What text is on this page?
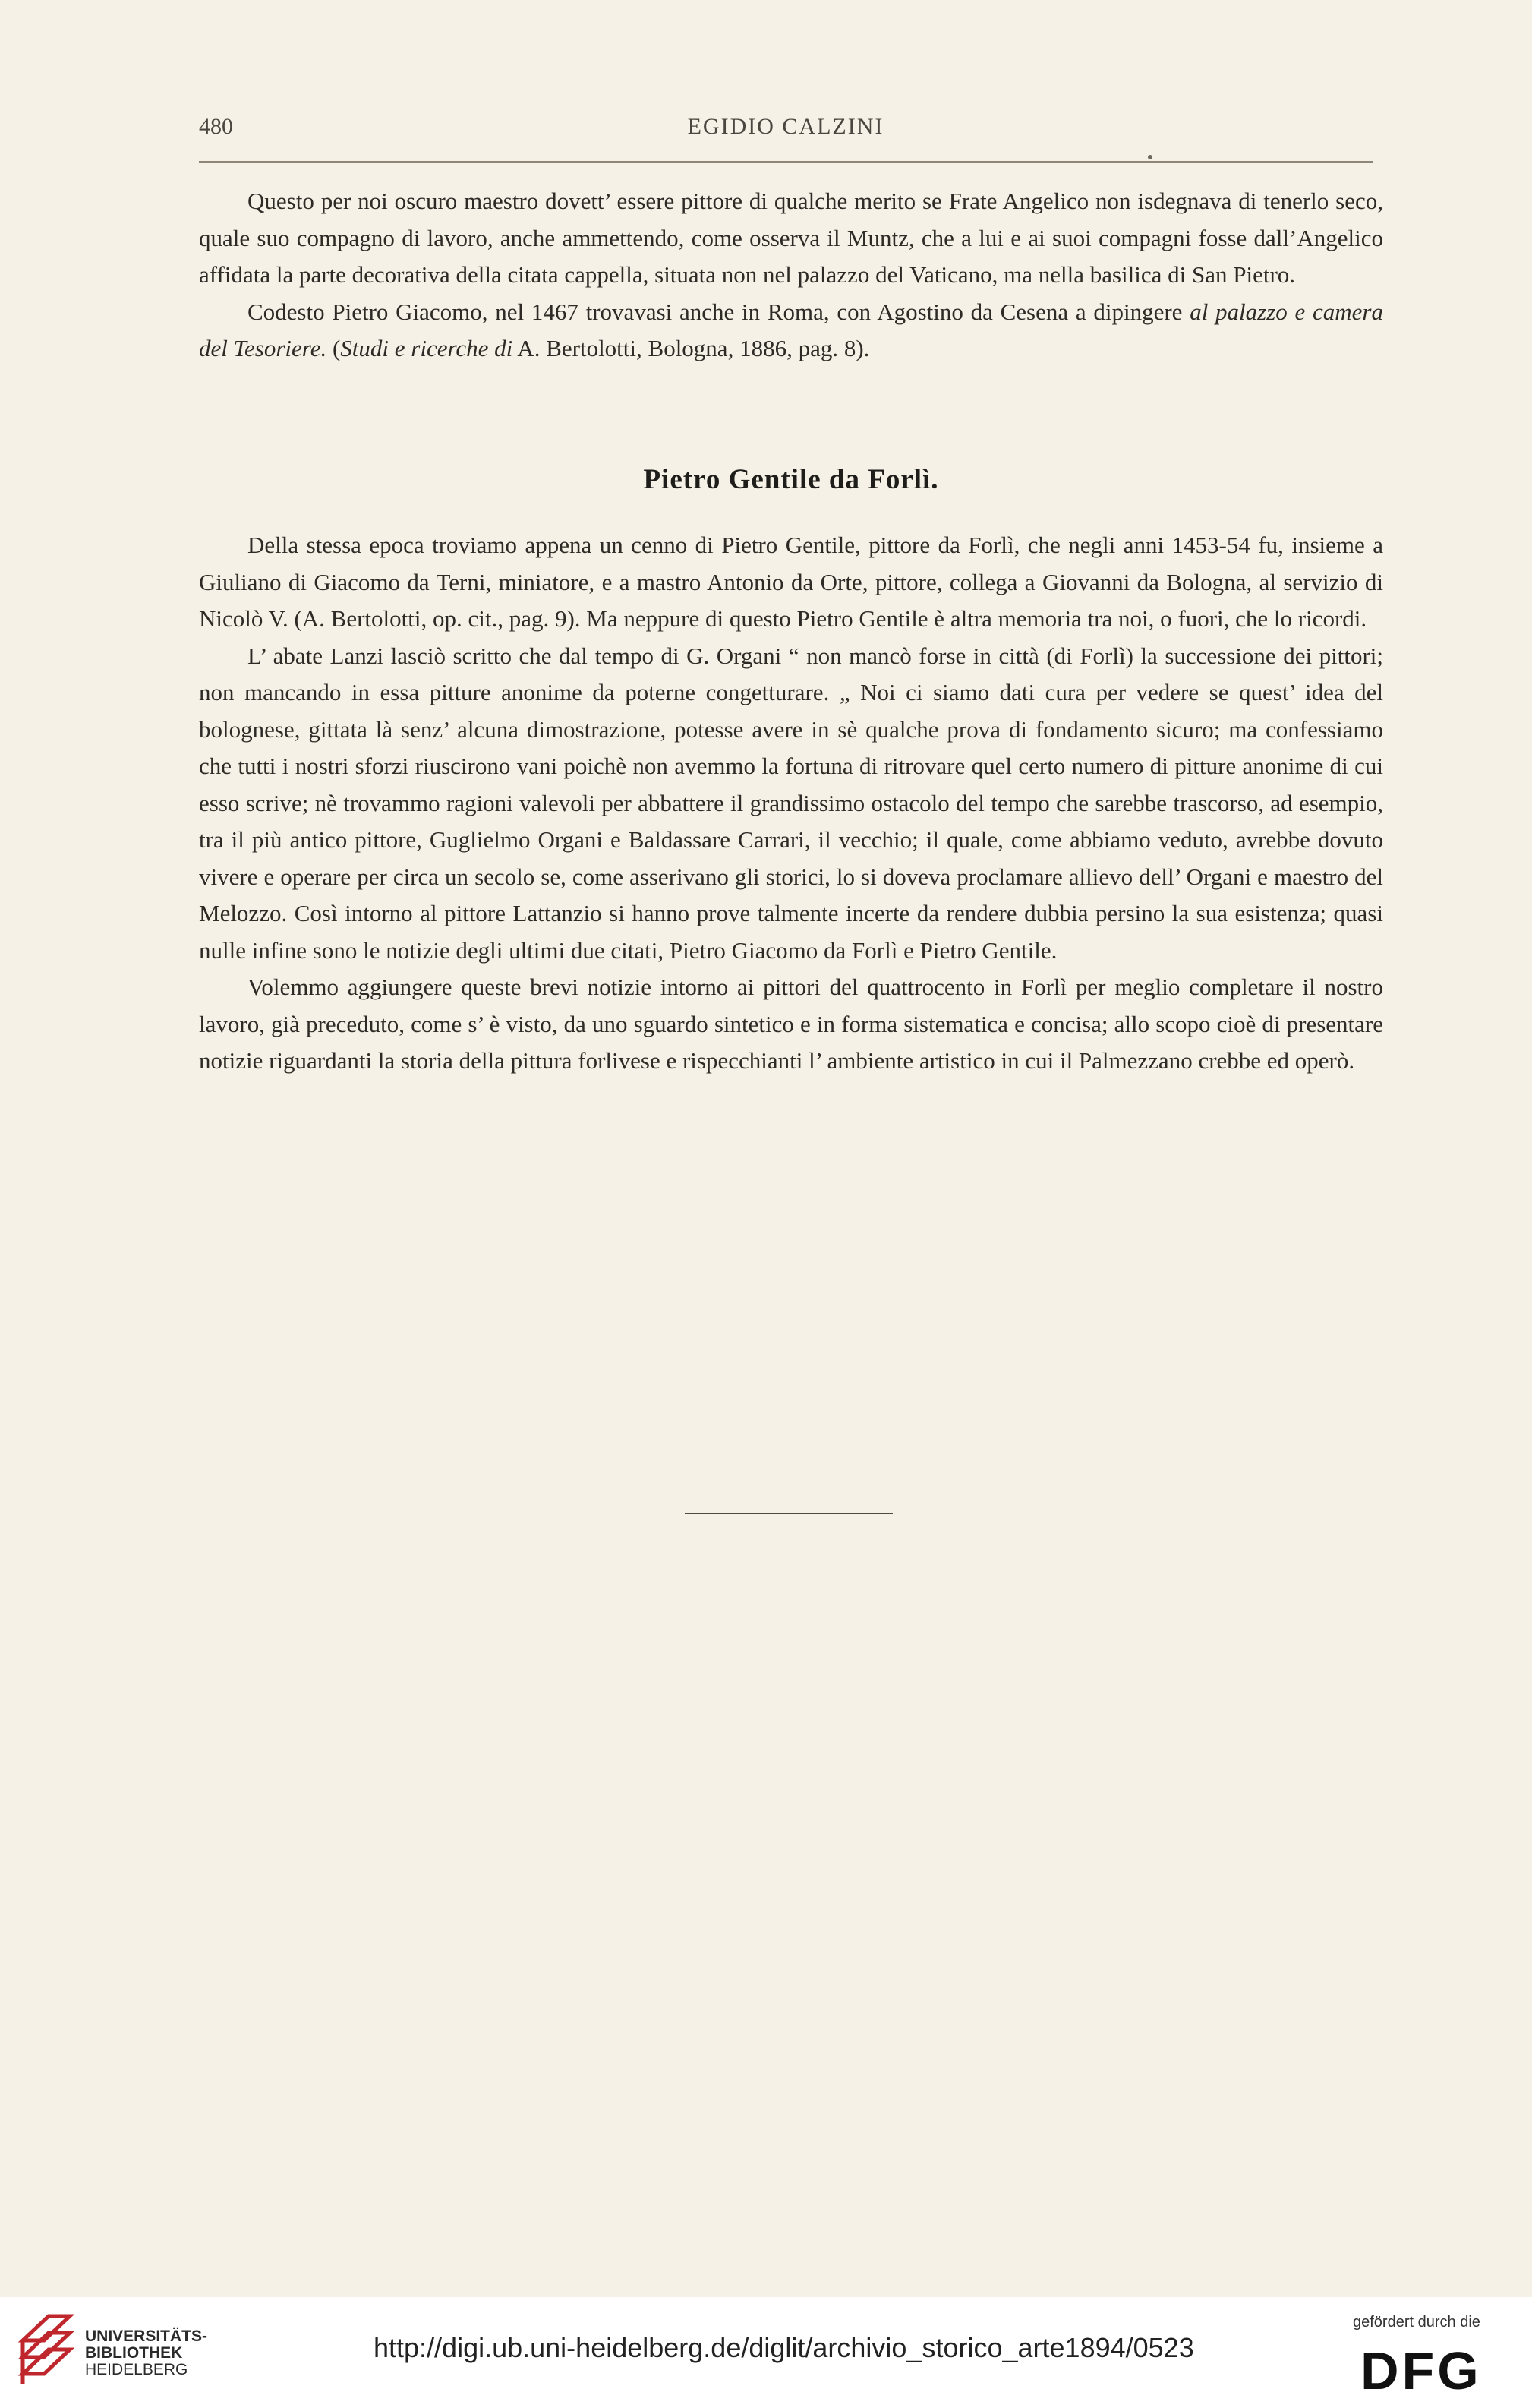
480	EGIDIO CALZINI

Questo per noi oscuro maestro dovett’ essere pittore di qualche merito se Frate Angelico non isdegnava di tenerlo seco, quale suo compagno di lavoro, anche ammettendo, come osserva il Muntz, che a lui e ai suoi compagni fosse dall’Angelico affidata la parte decorativa della citata cappella, situata non nel palazzo del Vaticano, ma nella basilica di San Pietro.

Codesto Pietro Giacomo, nel 1467 trovavasi anche in Roma, con Agostino da Cesena a dipingere al palazzo e camera del Tesoriere. (Studi e ricerche di A. Bertolotti, Bologna, 1886, pag. 8).

Pietro Gentile da Forlì.

Della stessa epoca troviamo appena un cenno di Pietro Gentile, pittore da Forlì, che negli anni 1453-54 fu, insieme a Giuliano di Giacomo da Terni, miniatore, e a mastro Antonio da Orte, pittore, collega a Giovanni da Bologna, al servizio di Nicolò V. (A. Bertolotti, op. cit., pag. 9). Ma neppure di questo Pietro Gentile è altra memoria tra noi, o fuori, che lo ricordi.

L’ abate Lanzi lasciò scritto che dal tempo di G. Organi “ non mancò forse in città (di Forlì) la successione dei pittori; non mancando in essa pitture anonime da poterne congetturare. „ Noi ci siamo dati cura per vedere se quest’ idea del bolognese, gittata là senz’ alcuna dimostrazione, potesse avere in sè qualche prova di fondamento sicuro; ma confessiamo che tutti i nostri sforzi riuscirono vani poichè non avemmo la fortuna di ritrovare quel certo numero di pitture anonime di cui esso scrive; nè trovammo ragioni valevoli per abbattere il grandissimo ostacolo del tempo che sarebbe trascorso, ad esempio, tra il più antico pittore, Guglielmo Organi e Baldassare Carrari, il vecchio; il quale, come abbiamo veduto, avrebbe dovuto vivere e operare per circa un secolo se, come asserivano gli storici, lo si doveva proclamare allievo dell’ Organi e maestro del Melozzo. Così intorno al pittore Lattanzio si hanno prove talmente incerte da rendere dubbia persino la sua esistenza; quasi nulle infine sono le notizie degli ultimi due citati, Pietro Giacomo da Forlì e Pietro Gentile.

Volemmo aggiungere queste brevi notizie intorno ai pittori del quattrocento in Forlì per meglio completare il nostro lavoro, già preceduto, come s’ è visto, da uno sguardo sintetico e in forma sistematica e concisa; allo scopo cioè di presentare notizie riguardanti la storia della pittura forlivese e rispecchianti l’ ambiente artistico in cui il Palmezzano crebbe ed operò.

UNIVERSITÄTS-
BIBLIOTHEK
HEIDELBERG
http://digi.ub.uni-heidelberg.de/diglit/archivio_storico_arte1894/0523
gefördert durch die
DFG
